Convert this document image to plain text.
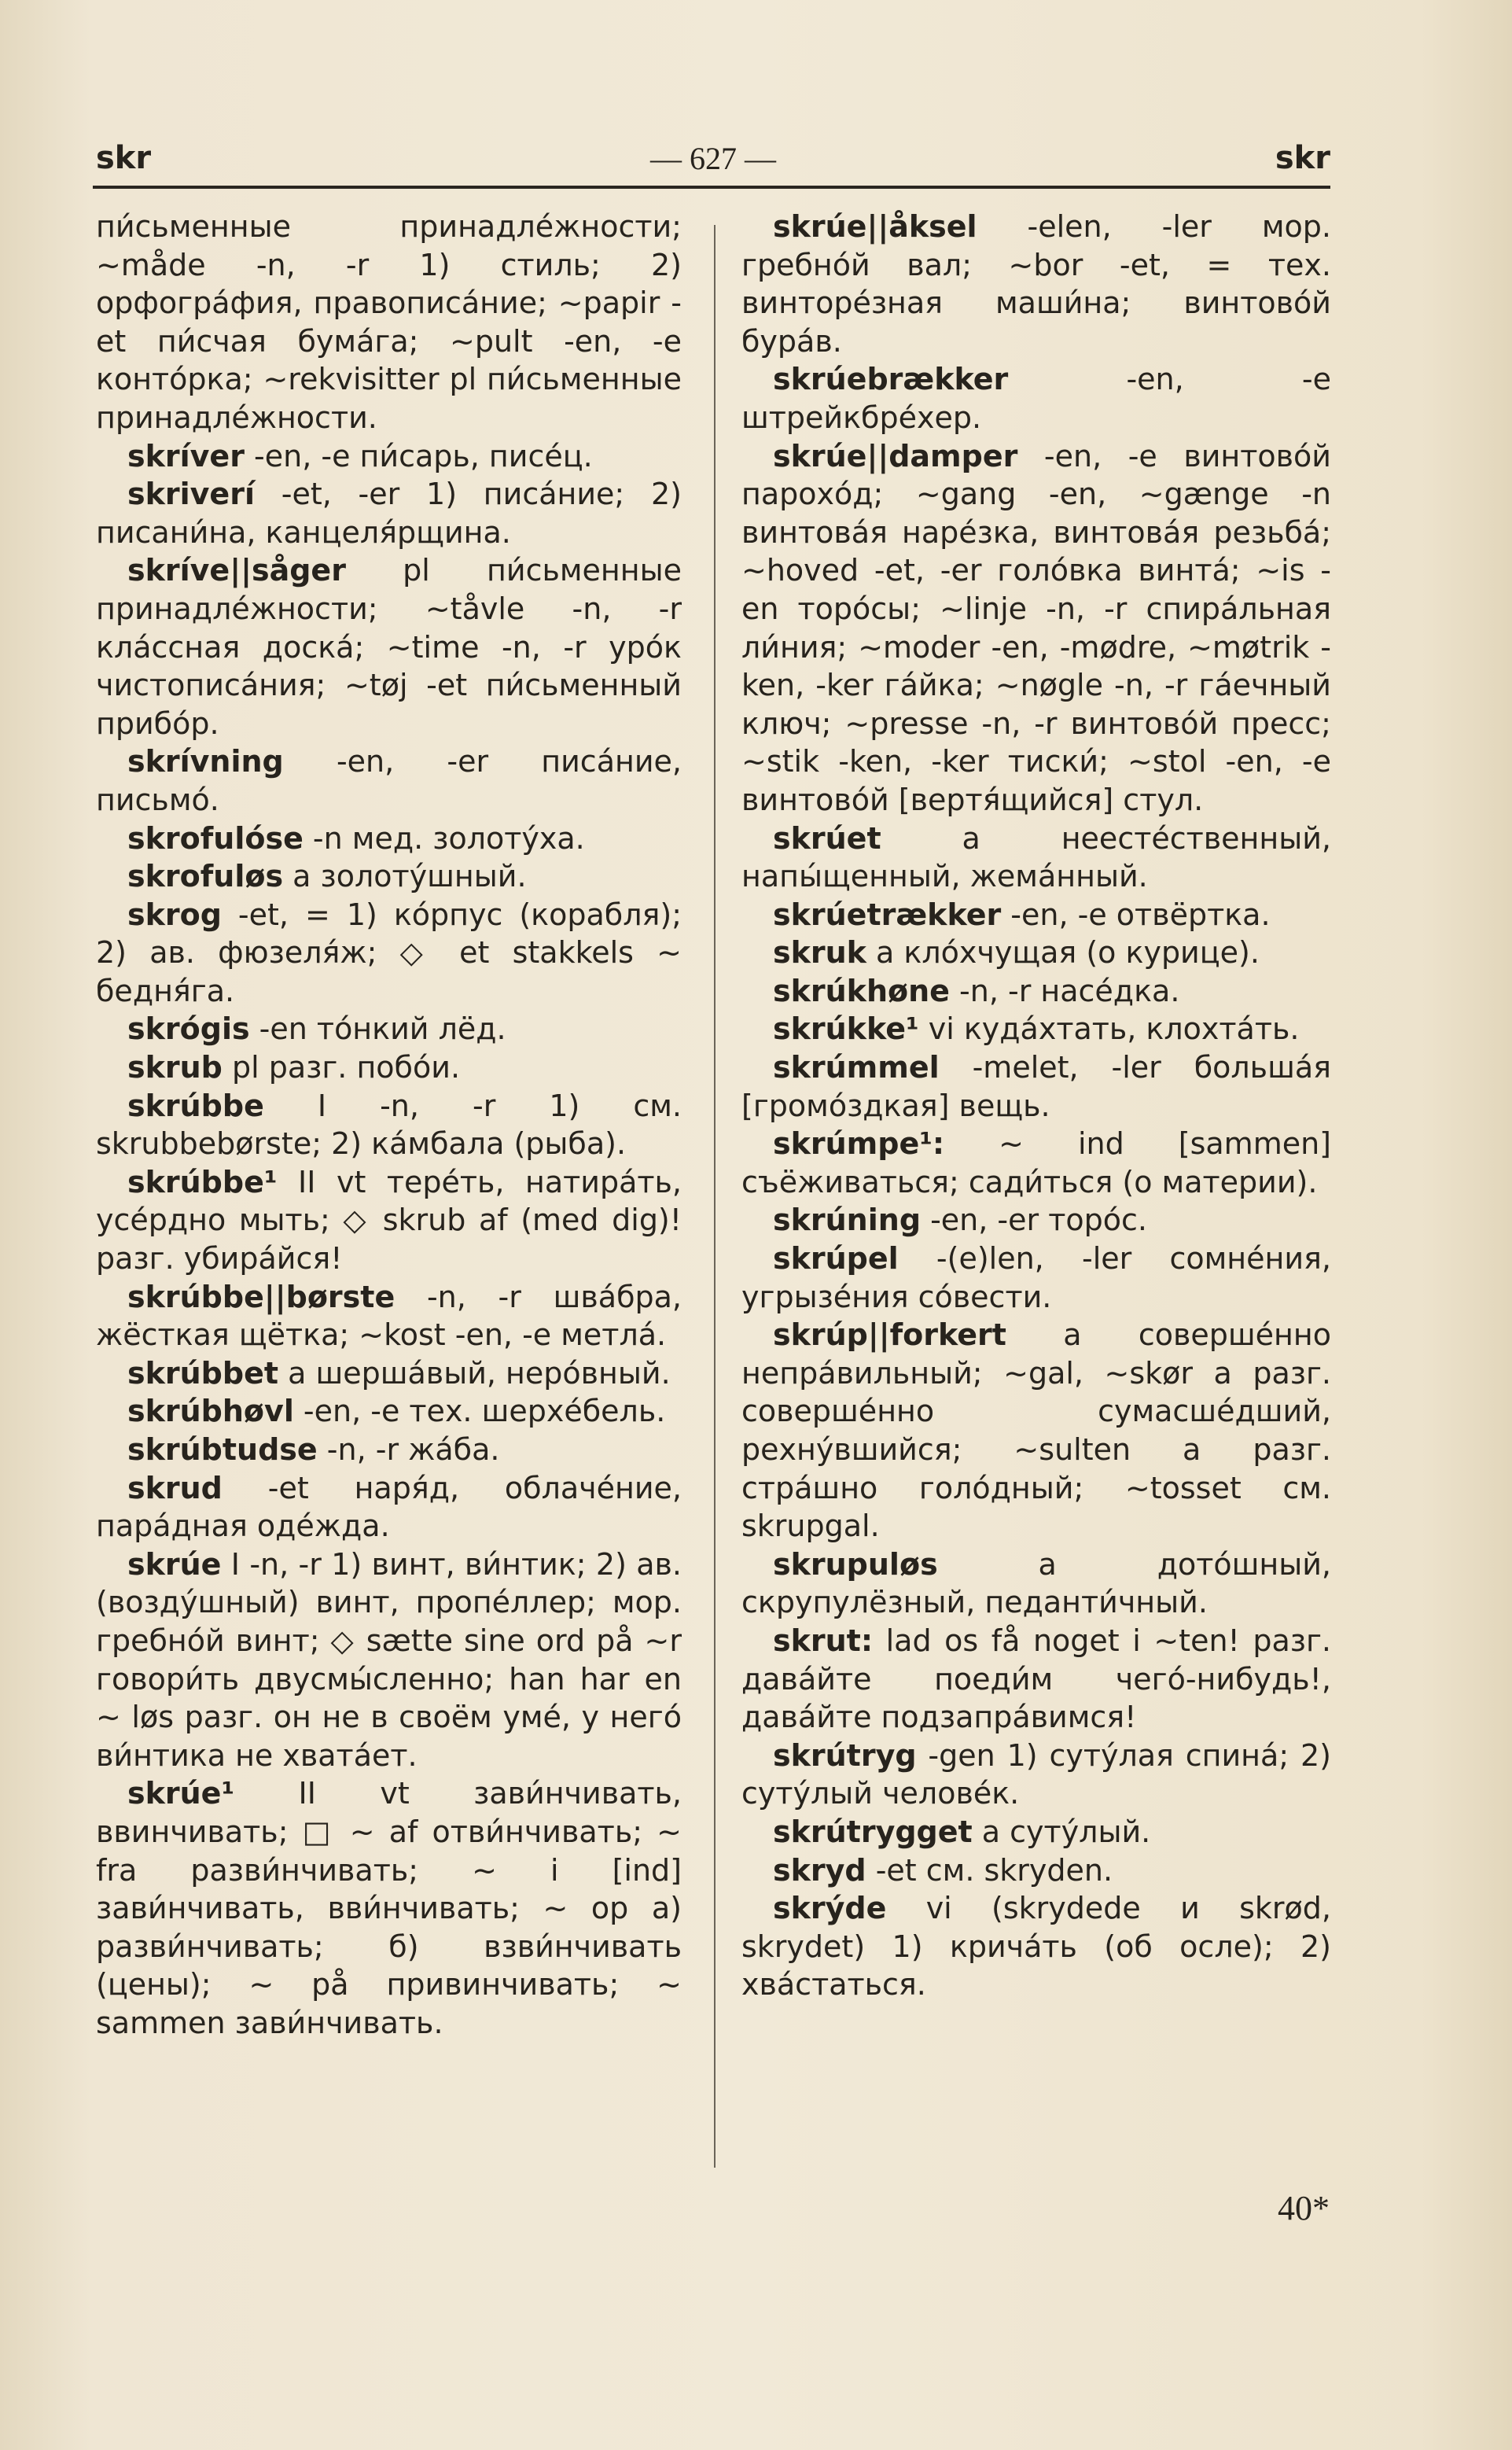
skr	— 627 —	skr
пи́сьменные принадле́жности; ~måde -n, -r 1) стиль; 2) орфогра́фия, правописа́ние; ~papir -et пи́счая бума́га; ~pult -en, -e конто́рка; ~rekvisitter pl пи́сьменные принадле́жности.
skríver -en, -e пи́сарь, писе́ц.
skriverí -et, -er 1) писа́ние; 2) писани́на, канцеля́рщина.
skríve||såger pl пи́сьменные принадле́жности; ~tåvle -n, -r кла́ссная доска́; ~time -n, -r уро́к чистописа́ния; ~tøj -et пи́сьменный прибо́р.
skrívning -en, -er писа́ние, письмо́.
skrofulóse -n мед. золоту́ха.
skrofuløs a золоту́шный.
skrog -et, = 1) ко́рпус (корабля); 2) ав. фюзеля́ж; ◇ et stakkels ~ бедня́га.
skrógis -en то́нкий лёд.
skrub pl разг. побо́и.
skrúbbe I -n, -r 1) см. skrubbebørste; 2) ка́мбала (рыба).
skrúbbe¹ II vt тере́ть, натира́ть, усе́рдно мыть; ◇ skrub af (med dig)! разг. убира́йся!
skrúbbe||børste -n, -r шва́бра, жёсткая щётка; ~kost -en, -e метла́.
skrúbbet a шерша́вый, неро́вный.
skrúbhøvl -en, -e тех. шерхе́бель.
skrúbtudse -n, -r жа́ба.
skrud -et наря́д, облаче́ние, пара́дная оде́жда.
skrúe I -n, -r 1) винт, ви́нтик; 2) ав. (возду́шный) винт, пропе́ллер; мор. гребно́й винт; ◇ sætte sine ord på ~r говори́ть двусмы́сленно; han har en ~ løs разг. он не в своём уме́, у него́ ви́нтика не хвата́ет.
skrúe¹ II vt зави́нчивать, ввинчивать; □ ~ af отви́нчивать; ~ fra разви́нчивать; ~ i [ind] зави́нчивать, вви́нчивать; ~ op а) разви́нчивать; б) взви́нчивать (цены); ~ på привинчивать; ~ sammen зави́нчивать.
skrúe||åksel -elen, -ler мор. гребно́й вал; ~bor -et, = тех. винторе́зная маши́на; винтово́й бура́в.
skrúebrækker -en, -e штрейкбре́хер.
skrúe||damper -en, -e винтово́й парохо́д; ~gang -en, ~gænge -n винтова́я наре́зка, винтова́я резьба́; ~hoved -et, -er голо́вка винта́; ~is -en торо́сы; ~linje -n, -r спира́льная ли́ния; ~moder -en, -mødre, ~møtrik -ken, -ker га́йка; ~nøgle -n, -r га́ечный ключ; ~presse -n, -r винтово́й пресс; ~stik -ken, -ker тиски́; ~stol -en, -e винтово́й [вертя́щийся] стул.
skrúet a неесте́ственный, напы́щенный, жема́нный.
skrúetrækker -en, -e отвёртка.
skruk a кло́хчущая (о курице).
skrúkhøne -n, -r насе́дка.
skrúkke¹ vi куда́хтать, клохта́ть.
skrúmmel -melet, -ler больша́я [громо́здкая] вещь.
skrúmpe¹: ~ ind [sammen] съёживаться; сади́ться (о материи).
skrúning -en, -er торо́с.
skrúpel -(e)len, -ler сомне́ния, угрызе́ния со́вести.
skrúp||forkert a соверше́нно непра́вильный; ~gal, ~skør a разг. соверше́нно сумасше́дший, рехну́вшийся; ~sulten a разг. стра́шно голо́дный; ~tosset см. skrupgal.
skrupuløs a дото́шный, скрупулёзный, педанти́чный.
skrut: lad os få noget i ~ten! разг. дава́йте поеди́м чего́-нибудь!, дава́йте подзапра́вимся!
skrútryg -gen 1) суту́лая спина́; 2) суту́лый челове́к.
skrútrygget a суту́лый.
skryd -et см. skryden.
skrýde vi (skrydede и skrød, skrydet) 1) крича́ть (об осле); 2) хва́статься.
40*
